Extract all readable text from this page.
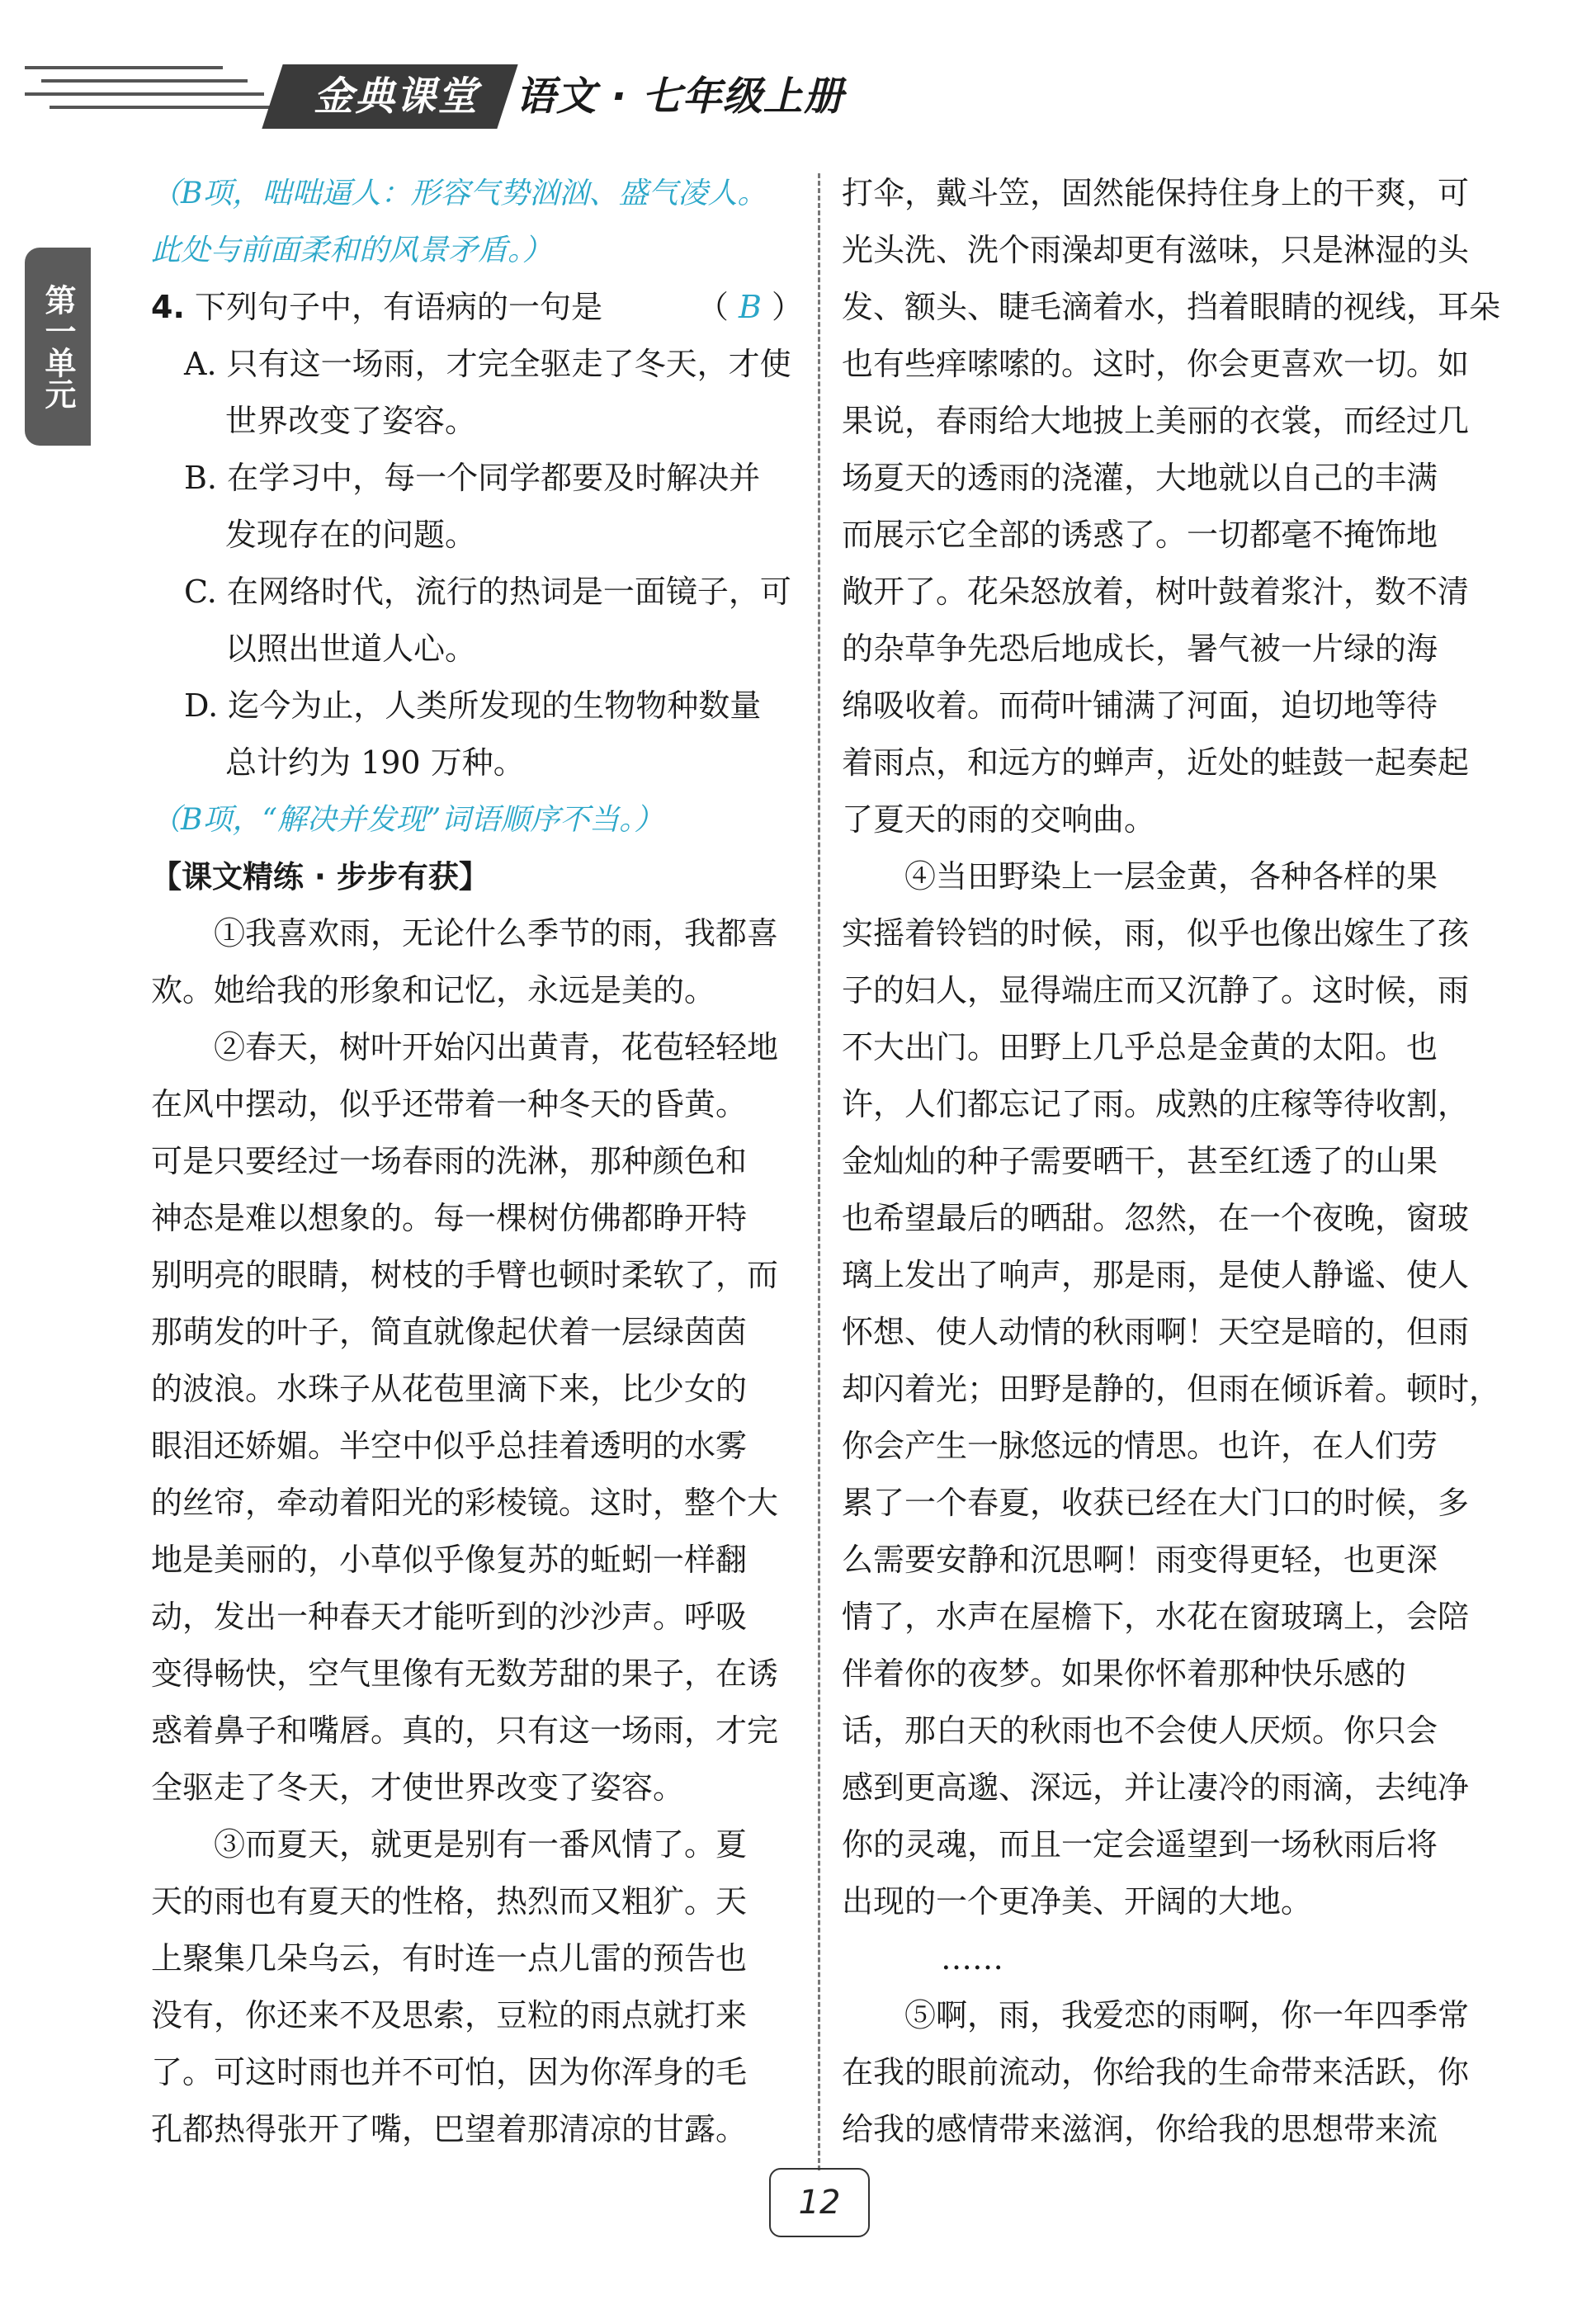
金典课堂 语文 · 七年级上册
第一单元
（B项，咄咄逼人：形容气势汹汹、盛气凌人。
此处与前面柔和的风景矛盾。）
4. 下列句子中，有语病的一句是	（ B ）
A. 只有这一场雨，才完全驱走了冬天，才使
世界改变了姿容。
B. 在学习中，每一个同学都要及时解决并
发现存在的问题。
C. 在网络时代，流行的热词是一面镜子，可
以照出世道人心。
D. 迄今为止，人类所发现的生物物种数量
总计约为 190 万种。
（B项，“解决并发现”词语顺序不当。）
【课文精练 · 步步有获】
①我喜欢雨，无论什么季节的雨，我都喜
欢。她给我的形象和记忆，永远是美的。
②春天，树叶开始闪出黄青，花苞轻轻地
在风中摆动，似乎还带着一种冬天的昏黄。
可是只要经过一场春雨的洗淋，那种颜色和
神态是难以想象的。每一棵树仿佛都睁开特
别明亮的眼睛，树枝的手臂也顿时柔软了，而
那萌发的叶子，简直就像起伏着一层绿茵茵
的波浪。水珠子从花苞里滴下来，比少女的
眼泪还娇媚。半空中似乎总挂着透明的水雾
的丝帘，牵动着阳光的彩棱镜。这时，整个大
地是美丽的，小草似乎像复苏的蚯蚓一样翻
动，发出一种春天才能听到的沙沙声。呼吸
变得畅快，空气里像有无数芳甜的果子，在诱
惑着鼻子和嘴唇。真的，只有这一场雨，才完
全驱走了冬天，才使世界改变了姿容。
③而夏天，就更是别有一番风情了。夏
天的雨也有夏天的性格，热烈而又粗犷。天
上聚集几朵乌云，有时连一点儿雷的预告也
没有，你还来不及思索，豆粒的雨点就打来
了。可这时雨也并不可怕，因为你浑身的毛
孔都热得张开了嘴，巴望着那清凉的甘露。
打伞，戴斗笠，固然能保持住身上的干爽，可
光头洗、洗个雨澡却更有滋味，只是淋湿的头
发、额头、睫毛滴着水，挡着眼睛的视线，耳朵
也有些痒嗦嗦的。这时，你会更喜欢一切。如
果说，春雨给大地披上美丽的衣裳，而经过几
场夏天的透雨的浇灌，大地就以自己的丰满
而展示它全部的诱惑了。一切都毫不掩饰地
敞开了。花朵怒放着，树叶鼓着浆汁，数不清
的杂草争先恐后地成长，暑气被一片绿的海
绵吸收着。而荷叶铺满了河面，迫切地等待
着雨点，和远方的蝉声，近处的蛙鼓一起奏起
了夏天的雨的交响曲。
④当田野染上一层金黄，各种各样的果
实摇着铃铛的时候，雨，似乎也像出嫁生了孩
子的妇人，显得端庄而又沉静了。这时候，雨
不大出门。田野上几乎总是金黄的太阳。也
许，人们都忘记了雨。成熟的庄稼等待收割，
金灿灿的种子需要晒干，甚至红透了的山果
也希望最后的晒甜。忽然，在一个夜晚，窗玻
璃上发出了响声，那是雨，是使人静谧、使人
怀想、使人动情的秋雨啊！天空是暗的，但雨
却闪着光；田野是静的，但雨在倾诉着。顿时，
你会产生一脉悠远的情思。也许，在人们劳
累了一个春夏，收获已经在大门口的时候，多
么需要安静和沉思啊！雨变得更轻，也更深
情了，水声在屋檐下，水花在窗玻璃上，会陪
伴着你的夜梦。如果你怀着那种快乐感的
话，那白天的秋雨也不会使人厌烦。你只会
感到更高邈、深远，并让凄冷的雨滴，去纯净
你的灵魂，而且一定会遥望到一场秋雨后将
出现的一个更净美、开阔的大地。
……
⑤啊，雨，我爱恋的雨啊，你一年四季常
在我的眼前流动，你给我的生命带来活跃，你
给我的感情带来滋润，你给我的思想带来流
12
